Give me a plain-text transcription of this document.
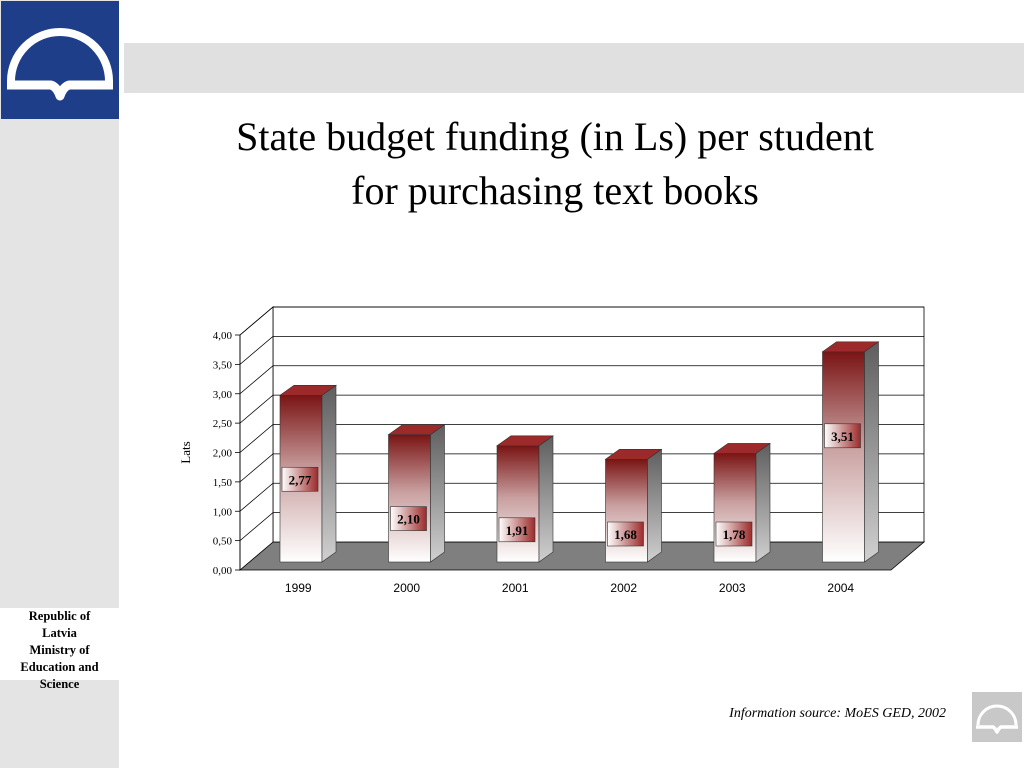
Republic of
Latvia
Ministry of
Education and
Science
State budget funding (in Ls) per student
for purchasing text books
0,00
0,50
1,00
1,50
2,00
2,50
3,00
3,50
4,00
Lats
2,77
1999
2,10
2000
1,91
2001
1,68
2002
1,78
2003
3,51
2004
Information source: MoES GED, 2002
